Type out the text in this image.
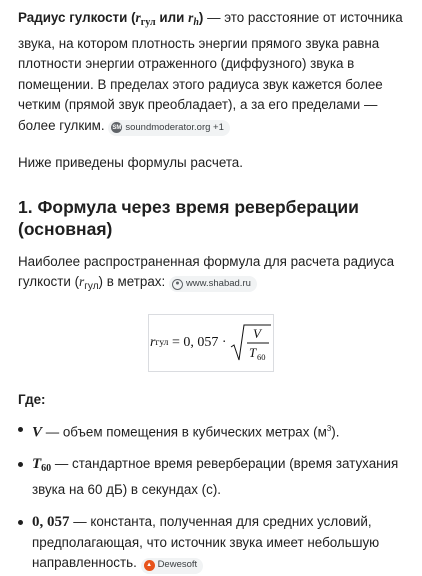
Радиус гулкости ($r_{гул}$ или $r_h$) — это расстояние от источника звука, на котором плотность энергии прямого звука равна плотности энергии отраженного (диффузного) звука в помещении. В пределах этого радиуса звук кажется более четким (прямой звук преобладает), а за его пределами — более гулким. SM soundmoderator.org +1

Ниже приведены формулы расчета.

1. Формула через время реверберации (основная)

Наиболее распространенная формула для расчета радиуса гулкости $(r_{гул})$ в метрах:	● www.shabad.ru

r гул = 0, 057 ·
V
T 60

Где:

V — объем помещения в кубических метрах $(м^3)$.
$T_{60}$ — стандартное время реверберации (время затухания звука на 60 дБ) в секундах (с).
0, 057 — константа, полученная для средних условий, предполагающая, что источник звука имеет небольшую направленность.	▲ Dewesoft
